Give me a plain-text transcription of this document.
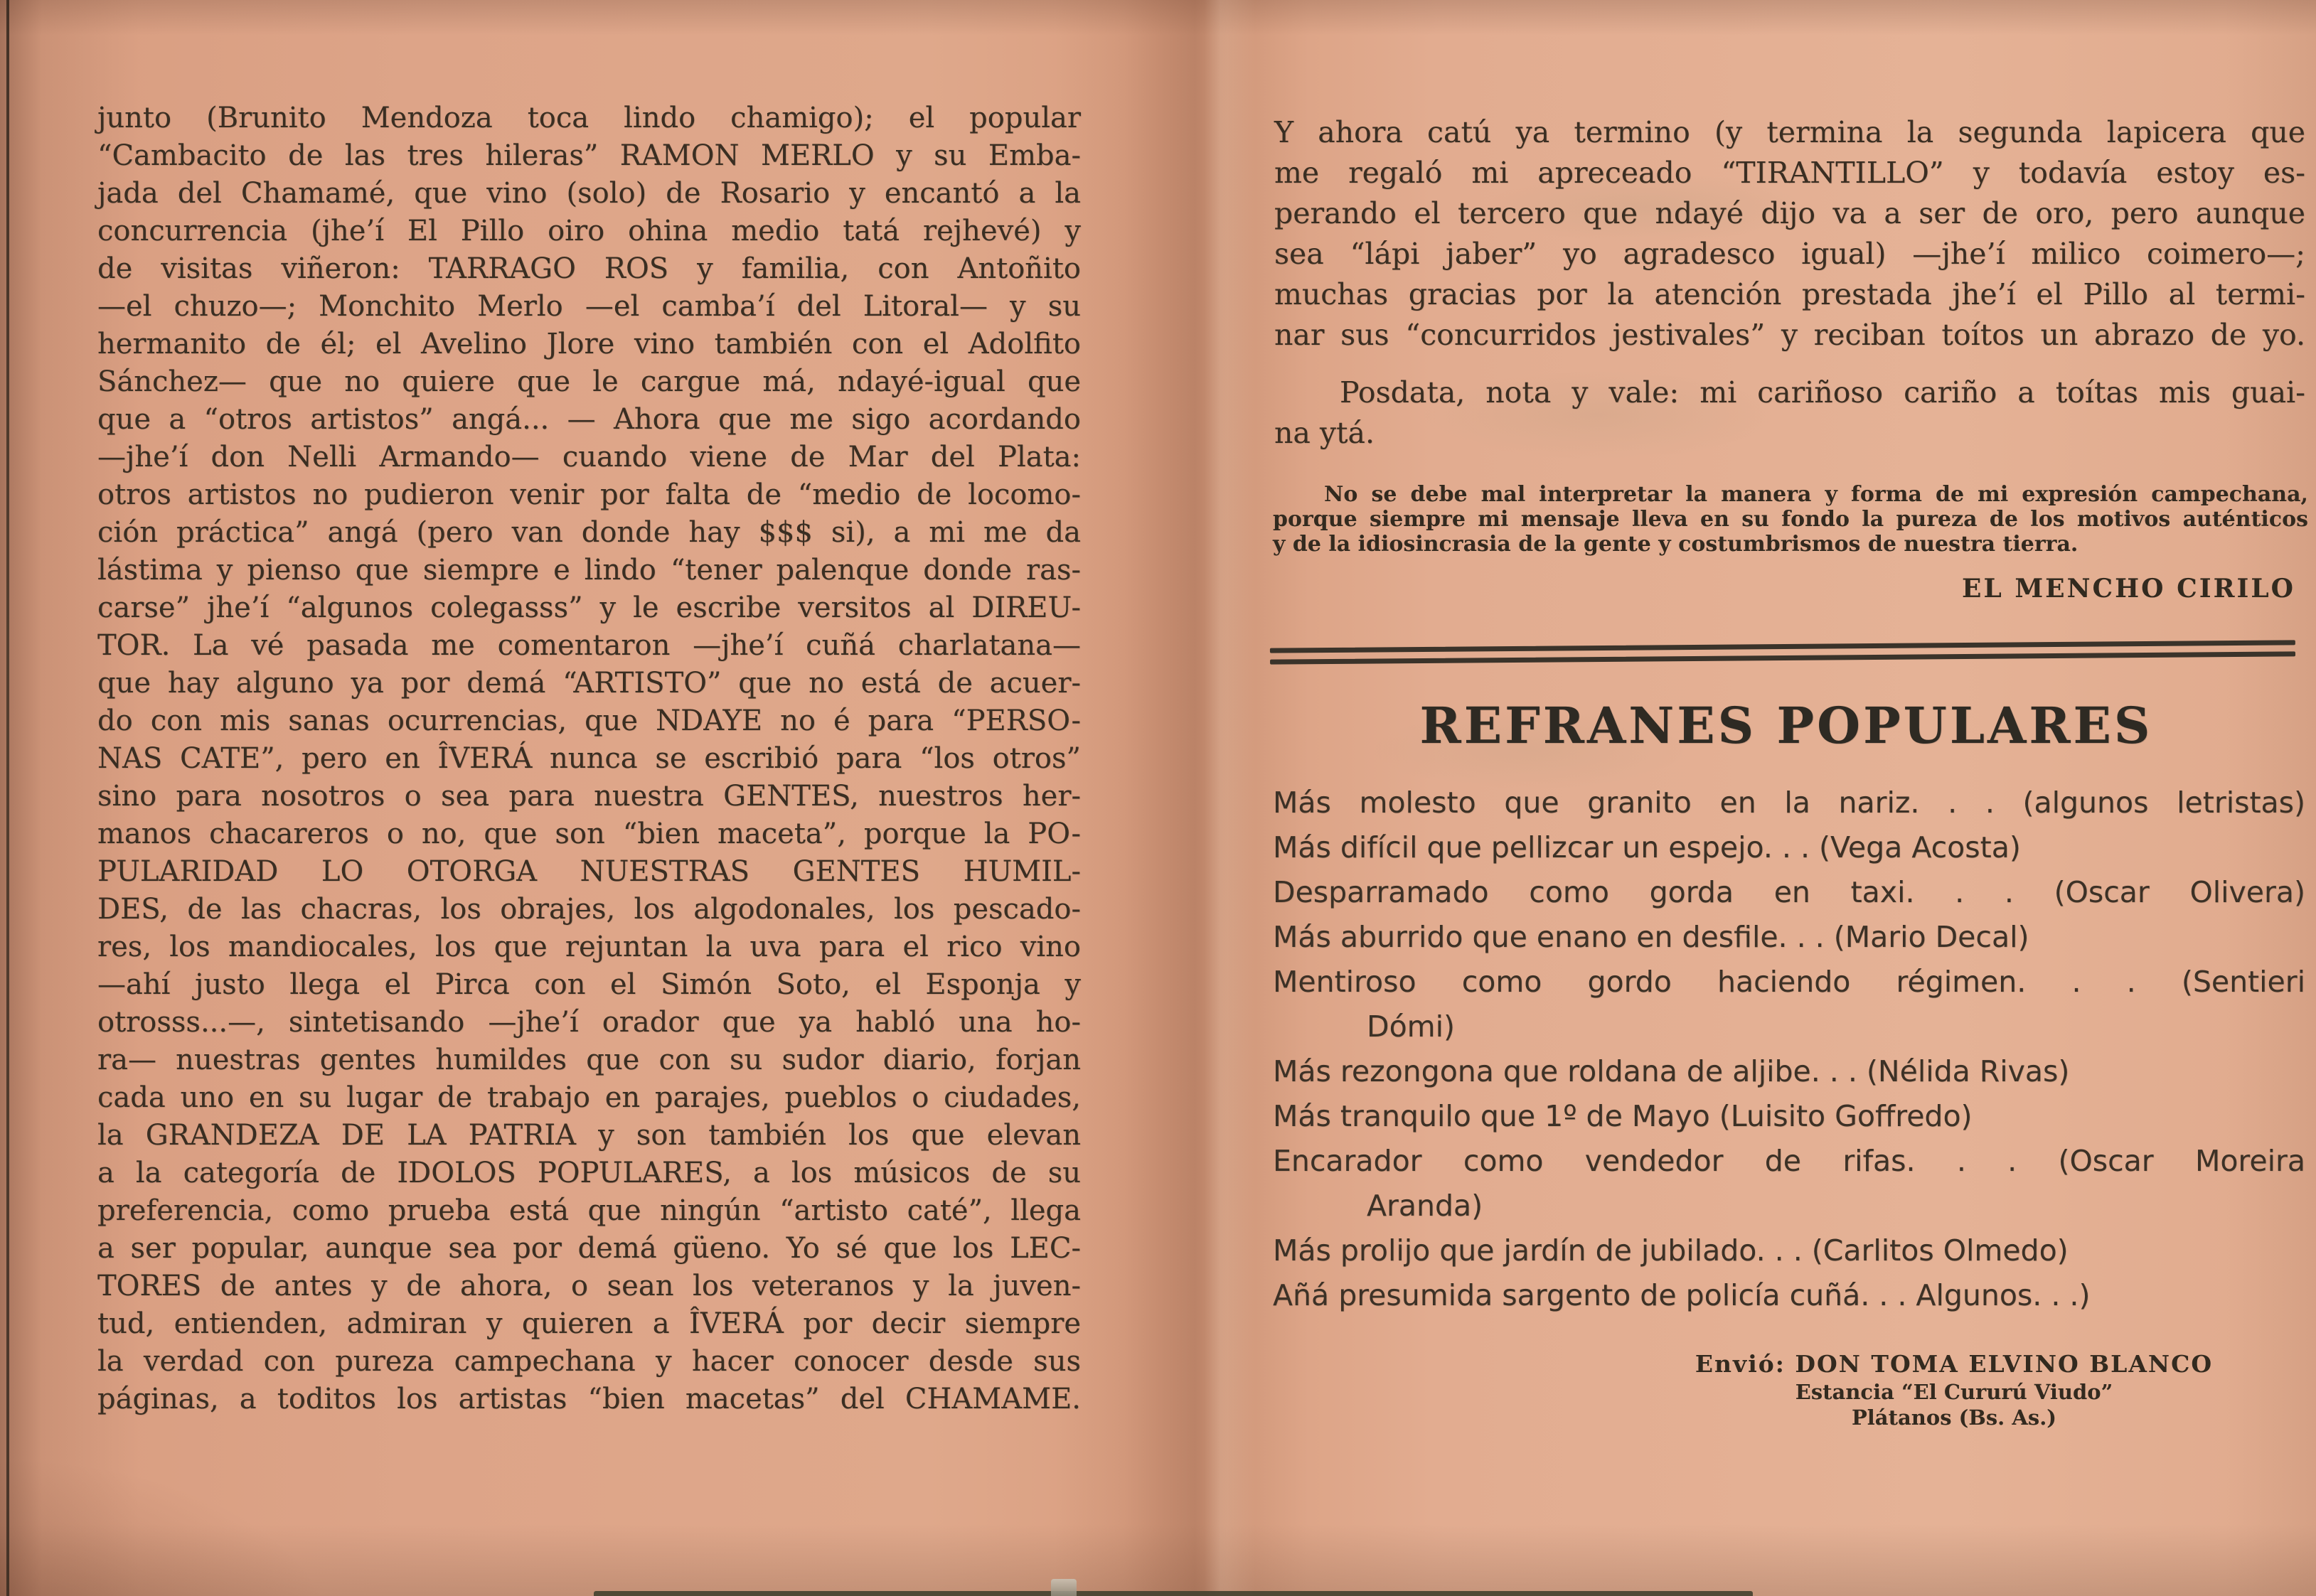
junto (Brunito Mendoza toca lindo chamigo); el popular
“Cambacito de las tres hileras” RAMON MERLO y su Emba-
jada del Chamamé, que vino (solo) de Rosario y encantó a la
concurrencia (jhe’í El Pillo oiro ohina medio tatá rejhevé) y
de visitas viñeron: TARRAGO ROS y familia, con Antoñito
—el chuzo—; Monchito Merlo —el camba’í del Litoral— y su
hermanito de él; el Avelino Jlore vino también con el Adolfito
Sánchez— que no quiere que le cargue má, ndayé-igual que
que a “otros artistos” angá... — Ahora que me sigo acordando
—jhe’í don Nelli Armando— cuando viene de Mar del Plata:
otros artistos no pudieron venir por falta de “medio de locomo-
ción práctica” angá (pero van donde hay $$$ si), a mi me da
lástima y pienso que siempre e lindo “tener palenque donde ras-
carse” jhe’í “algunos colegasss” y le escribe versitos al DIREU-
TOR. La vé pasada me comentaron —jhe’í cuñá charlatana—
que hay alguno ya por demá “ARTISTO” que no está de acuer-
do con mis sanas ocurrencias, que NDAYE no é para “PERSO-
NAS CATE”, pero en ÎVERÁ nunca se escribió para “los otros”
sino para nosotros o sea para nuestra GENTES, nuestros her-
manos chacareros o no, que son “bien maceta”, porque la PO-
PULARIDAD LO OTORGA NUESTRAS GENTES HUMIL-
DES, de las chacras, los obrajes, los algodonales, los pescado-
res, los mandiocales, los que rejuntan la uva para el rico vino
—ahí justo llega el Pirca con el Simón Soto, el Esponja y
otrosss...—, sintetisando —jhe’í orador que ya habló una ho-
ra— nuestras gentes humildes que con su sudor diario, forjan
cada uno en su lugar de trabajo en parajes, pueblos o ciudades,
la GRANDEZA DE LA PATRIA y son también los que elevan
a la categoría de IDOLOS POPULARES, a los músicos de su
preferencia, como prueba está que ningún “artisto caté”, llega
a ser popular, aunque sea por demá güeno. Yo sé que los LEC-
TORES de antes y de ahora, o sean los veteranos y la juven-
tud, entienden, admiran y quieren a ÎVERÁ por decir siempre
la verdad con pureza campechana y hacer conocer desde sus
páginas, a toditos los artistas “bien macetas” del CHAMAME.
Y ahora catú ya termino (y termina la segunda lapicera que
me regaló mi apreceado “TIRANTILLO” y todavía estoy es-
perando el tercero que ndayé dijo va a ser de oro, pero aunque
sea “lápi jaber” yo agradesco igual) —jhe’í milico coimero—;
muchas gracias por la atención prestada jhe’í el Pillo al termi-
nar sus “concurridos jestivales” y reciban toítos un abrazo de yo.
Posdata, nota y vale: mi cariñoso cariño a toítas mis guai-
na ytá.
No se debe mal interpretar la manera y forma de mi expresión campechana,
porque siempre mi mensaje lleva en su fondo la pureza de los motivos auténticos
y de la idiosincrasia de la gente y costumbrismos de nuestra tierra.
EL MENCHO CIRILO
REFRANES POPULARES
Más molesto que granito en la nariz. . . (algunos letristas)
Más difícil que pellizcar un espejo. . . (Vega Acosta)
Desparramado como gorda en taxi. . . (Oscar Olivera)
Más aburrido que enano en desfile. . . (Mario Decal)
Mentiroso como gordo haciendo régimen. . . (Sentieri
Dómi)
Más rezongona que roldana de aljibe. . . (Nélida Rivas)
Más tranquilo que 1º de Mayo (Luisito Goffredo)
Encarador como vendedor de rifas. . . (Oscar Moreira
Aranda)
Más prolijo que jardín de jubilado. . . (Carlitos Olmedo)
Añá presumida sargento de policía cuñá. . . Algunos. . .)
Envió: DON TOMA ELVINO BLANCO
Estancia “El Cururú Viudo”
Plátanos (Bs. As.)
